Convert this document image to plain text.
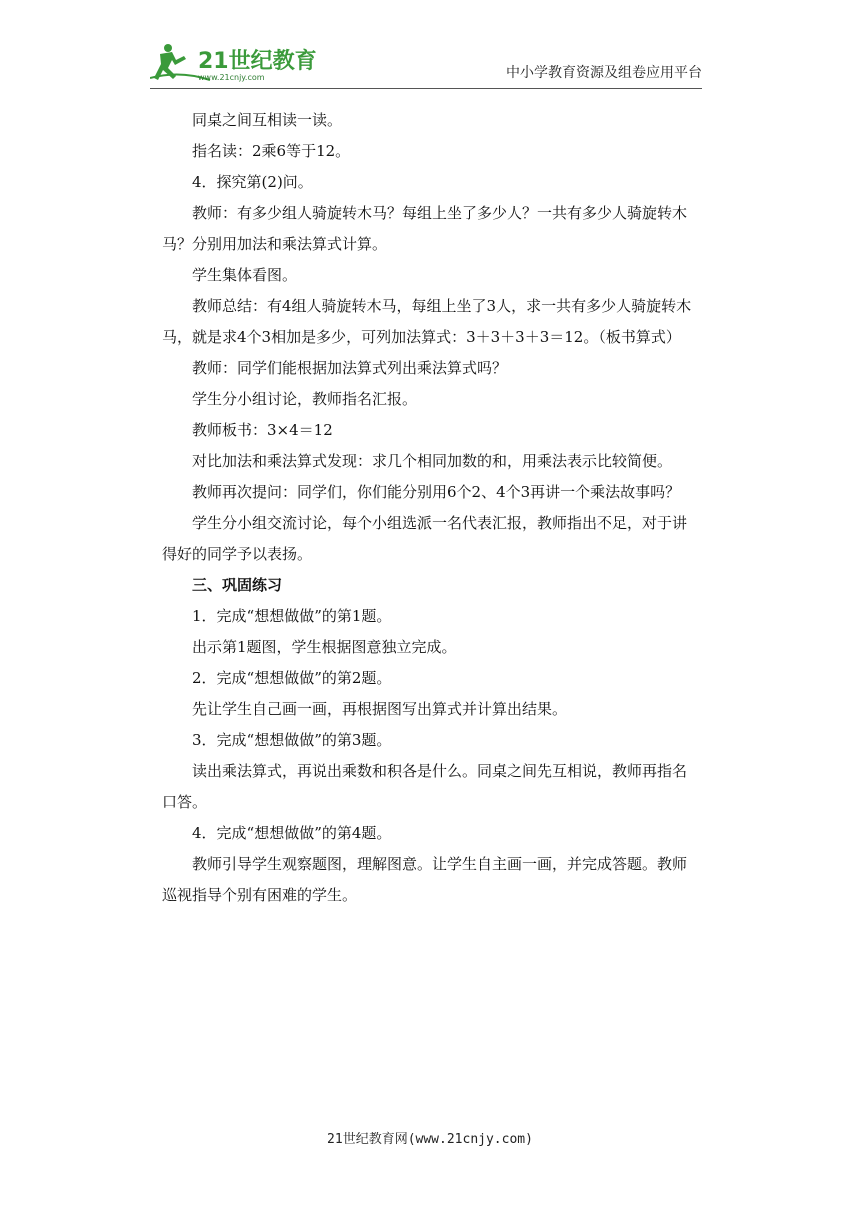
21世纪教育
www.21cnjy.com	中小学教育资源及组卷应用平台

同桌之间互相读一读。

指名读：2乘6等于12。

4．探究第(2)问。

教师：有多少组人骑旋转木马？每组上坐了多少人？一共有多少人骑旋转木马？分别用加法和乘法算式计算。

学生集体看图。

教师总结：有4组人骑旋转木马，每组上坐了3人，求一共有多少人骑旋转木马，就是求4个3相加是多少，可列加法算式：3＋3＋3＋3＝12。（板书算式）

教师：同学们能根据加法算式列出乘法算式吗？

学生分小组讨论，教师指名汇报。

教师板书：3×4＝12

对比加法和乘法算式发现：求几个相同加数的和，用乘法表示比较简便。

教师再次提问：同学们，你们能分别用6个2、4个3再讲一个乘法故事吗？

学生分小组交流讨论，每个小组选派一名代表汇报，教师指出不足，对于讲得好的同学予以表扬。

三、巩固练习

1．完成“想想做做”的第1题。

出示第1题图，学生根据图意独立完成。

2．完成“想想做做”的第2题。

先让学生自己画一画，再根据图写出算式并计算出结果。

3．完成“想想做做”的第3题。

读出乘法算式，再说出乘数和积各是什么。同桌之间先互相说，教师再指名口答。

4．完成“想想做做”的第4题。

教师引导学生观察题图，理解图意。让学生自主画一画，并完成答题。教师巡视指导个别有困难的学生。

21世纪教育网(www.21cnjy.com)
